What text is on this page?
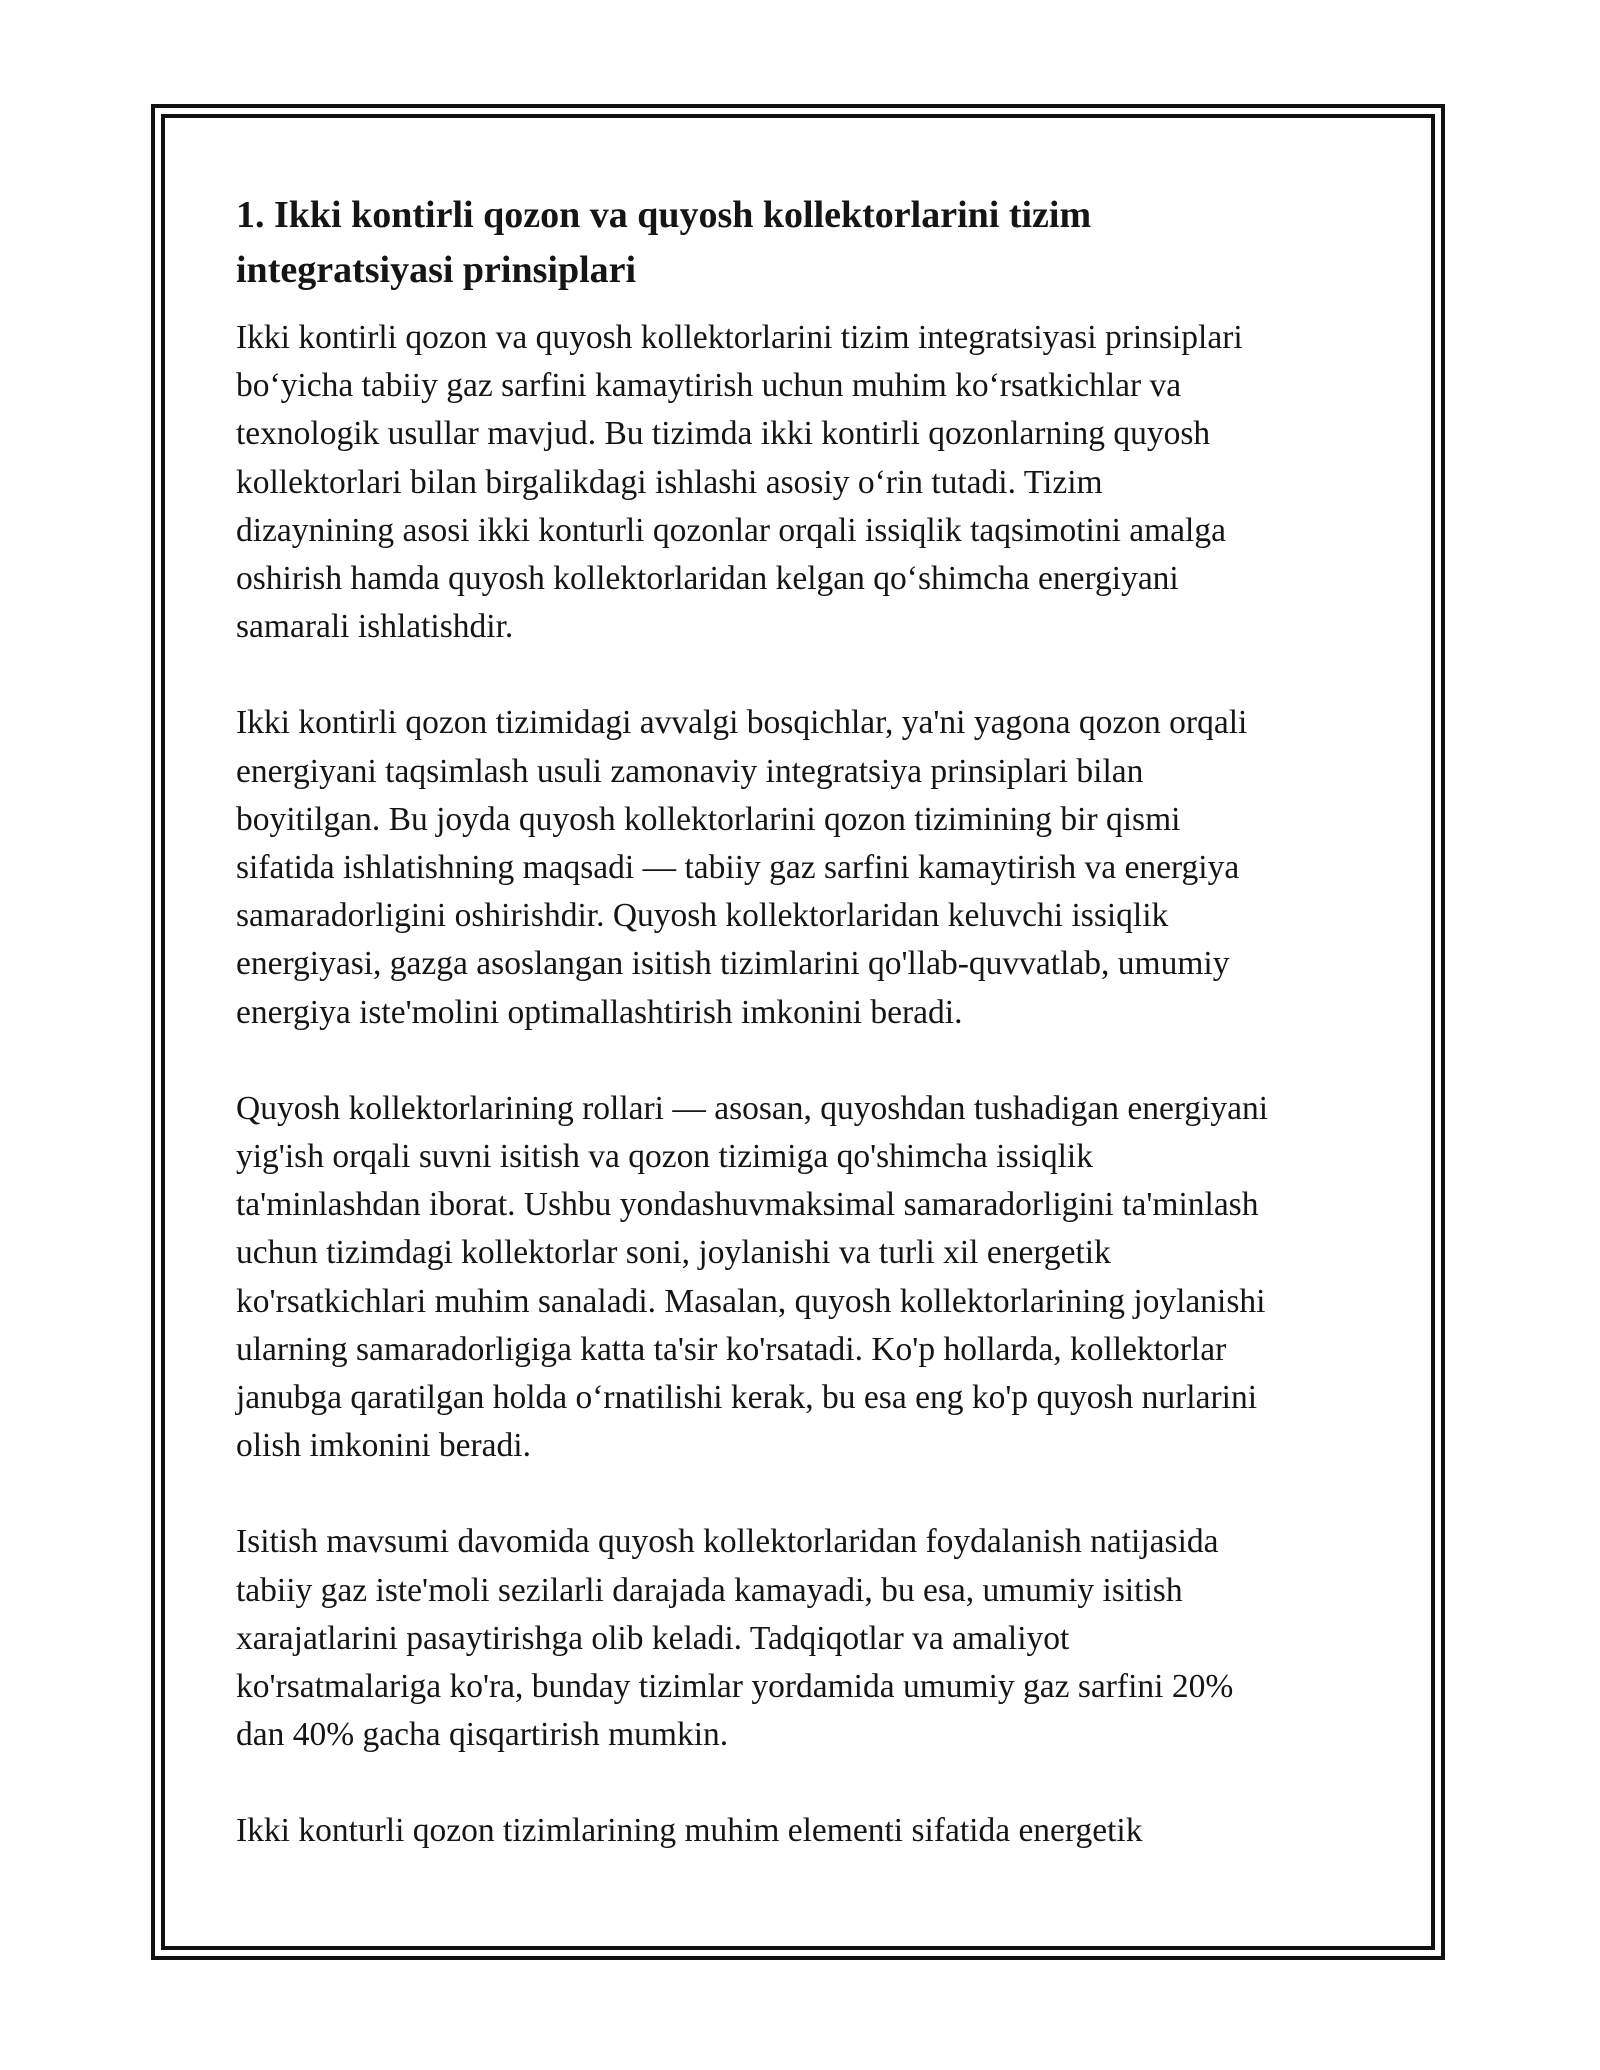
1. Ikki kontirli qozon va quyosh kollektorlarini tizim
integratsiyasi prinsiplari
Ikki kontirli qozon va quyosh kollektorlarini tizim integratsiyasi prinsiplari
bo‘yicha tabiiy gaz sarfini kamaytirish uchun muhim ko‘rsatkichlar va
texnologik usullar mavjud. Bu tizimda ikki kontirli qozonlarning quyosh
kollektorlari bilan birgalikdagi ishlashi asosiy o‘rin tutadi. Tizim
dizaynining asosi ikki konturli qozonlar orqali issiqlik taqsimotini amalga
oshirish hamda quyosh kollektorlaridan kelgan qo‘shimcha energiyani
samarali ishlatishdir.
Ikki kontirli qozon tizimidagi avvalgi bosqichlar, ya'ni yagona qozon orqali
energiyani taqsimlash usuli zamonaviy integratsiya prinsiplari bilan
boyitilgan. Bu joyda quyosh kollektorlarini qozon tizimining bir qismi
sifatida ishlatishning maqsadi — tabiiy gaz sarfini kamaytirish va energiya
samaradorligini oshirishdir. Quyosh kollektorlaridan keluvchi issiqlik
energiyasi, gazga asoslangan isitish tizimlarini qo'llab-quvvatlab, umumiy
energiya iste'molini optimallashtirish imkonini beradi.
Quyosh kollektorlarining rollari — asosan, quyoshdan tushadigan energiyani
yig'ish orqali suvni isitish va qozon tizimiga qo'shimcha issiqlik
ta'minlashdan iborat. Ushbu yondashuvmaksimal samaradorligini ta'minlash
uchun tizimdagi kollektorlar soni, joylanishi va turli xil energetik
ko'rsatkichlari muhim sanaladi. Masalan, quyosh kollektorlarining joylanishi
ularning samaradorligiga katta ta'sir ko'rsatadi. Ko'p hollarda, kollektorlar
janubga qaratilgan holda o‘rnatilishi kerak, bu esa eng ko'p quyosh nurlarini
olish imkonini beradi.
Isitish mavsumi davomida quyosh kollektorlaridan foydalanish natijasida
tabiiy gaz iste'moli sezilarli darajada kamayadi, bu esa, umumiy isitish
xarajatlarini pasaytirishga olib keladi. Tadqiqotlar va amaliyot
ko'rsatmalariga ko'ra, bunday tizimlar yordamida umumiy gaz sarfini 20%
dan 40% gacha qisqartirish mumkin.
Ikki konturli qozon tizimlarining muhim elementi sifatida energetik
